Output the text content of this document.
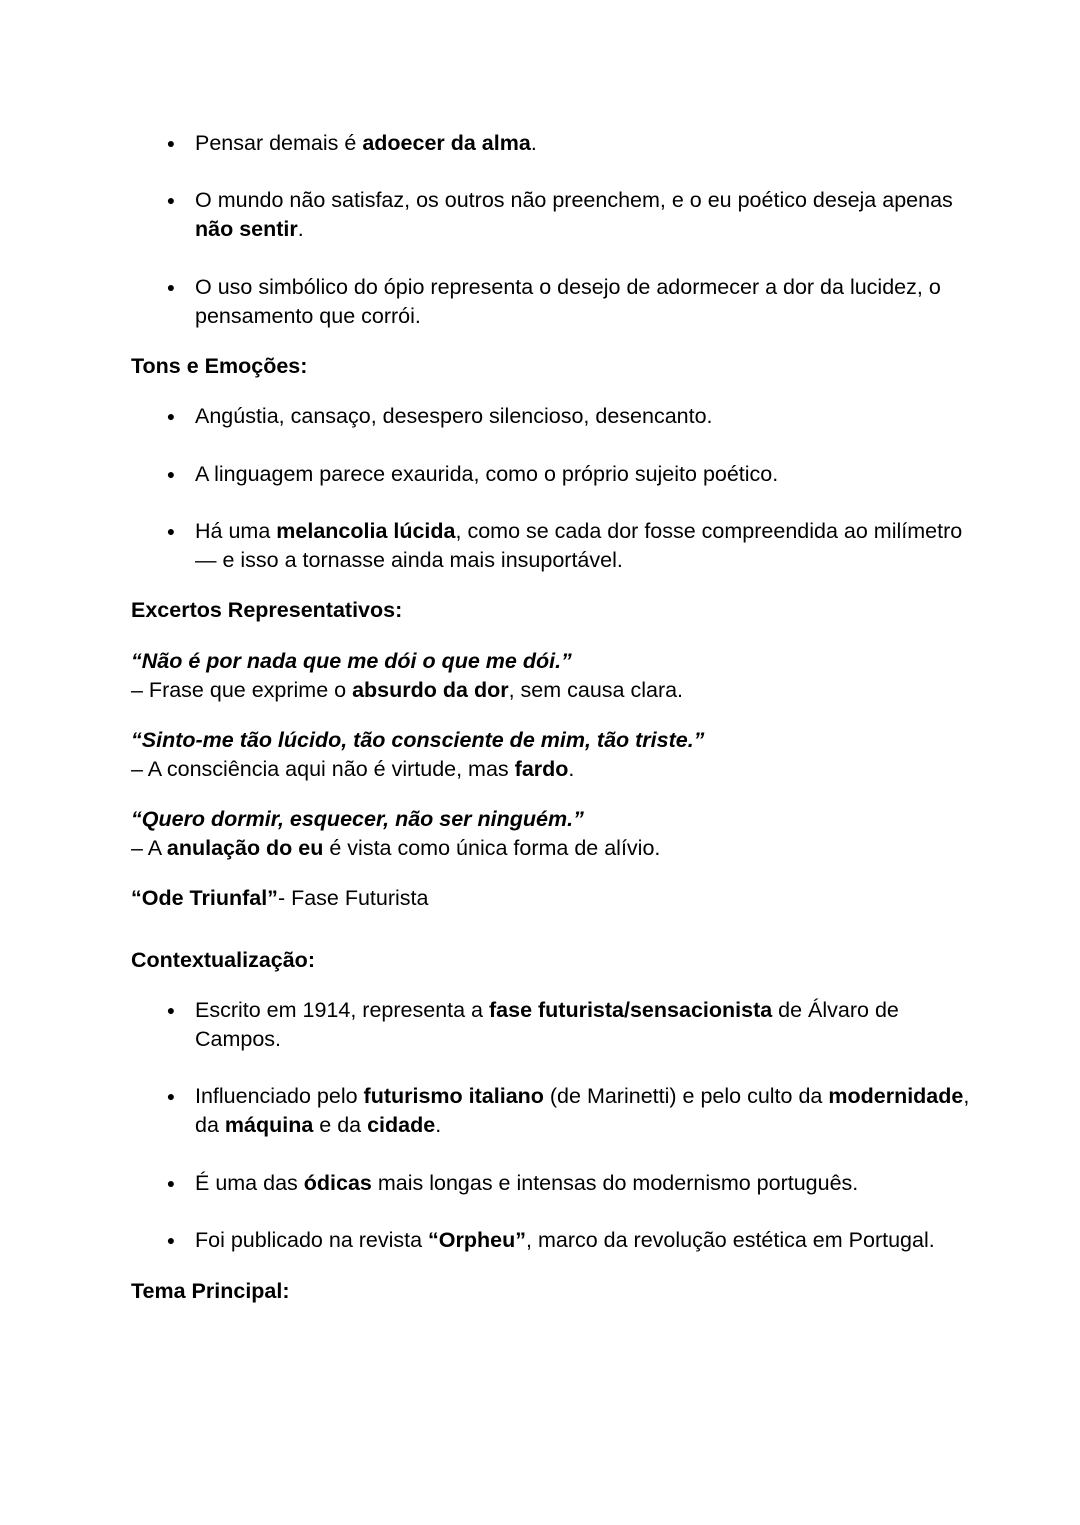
● Pensar demais é adoecer da alma.

● O mundo não satisfaz, os outros não preenchem, e o eu poético deseja apenas não sentir.

● O uso simbólico do ópio representa o desejo de adormecer a dor da lucidez, o pensamento que corrói.

Tons e Emoções:

● Angústia, cansaço, desespero silencioso, desencanto.

● A linguagem parece exaurida, como o próprio sujeito poético.

● Há uma melancolia lúcida, como se cada dor fosse compreendida ao milímetro — e isso a tornasse ainda mais insuportável.

Excertos Representativos:

“Não é por nada que me dói o que me dói.”
– Frase que exprime o absurdo da dor, sem causa clara.
“Sinto-me tão lúcido, tão consciente de mim, tão triste.”
– A consciência aqui não é virtude, mas fardo.
“Quero dormir, esquecer, não ser ninguém.”
– A anulação do eu é vista como única forma de alívio.

“Ode Triunfal”- Fase Futurista

Contextualização:

● Escrito em 1914, representa a fase futurista/sensacionista de Álvaro de Campos.

● Influenciado pelo futurismo italiano (de Marinetti) e pelo culto da modernidade, da máquina e da cidade.

● É uma das ódicas mais longas e intensas do modernismo português.

● Foi publicado na revista “Orpheu”, marco da revolução estética em Portugal.

Tema Principal:
